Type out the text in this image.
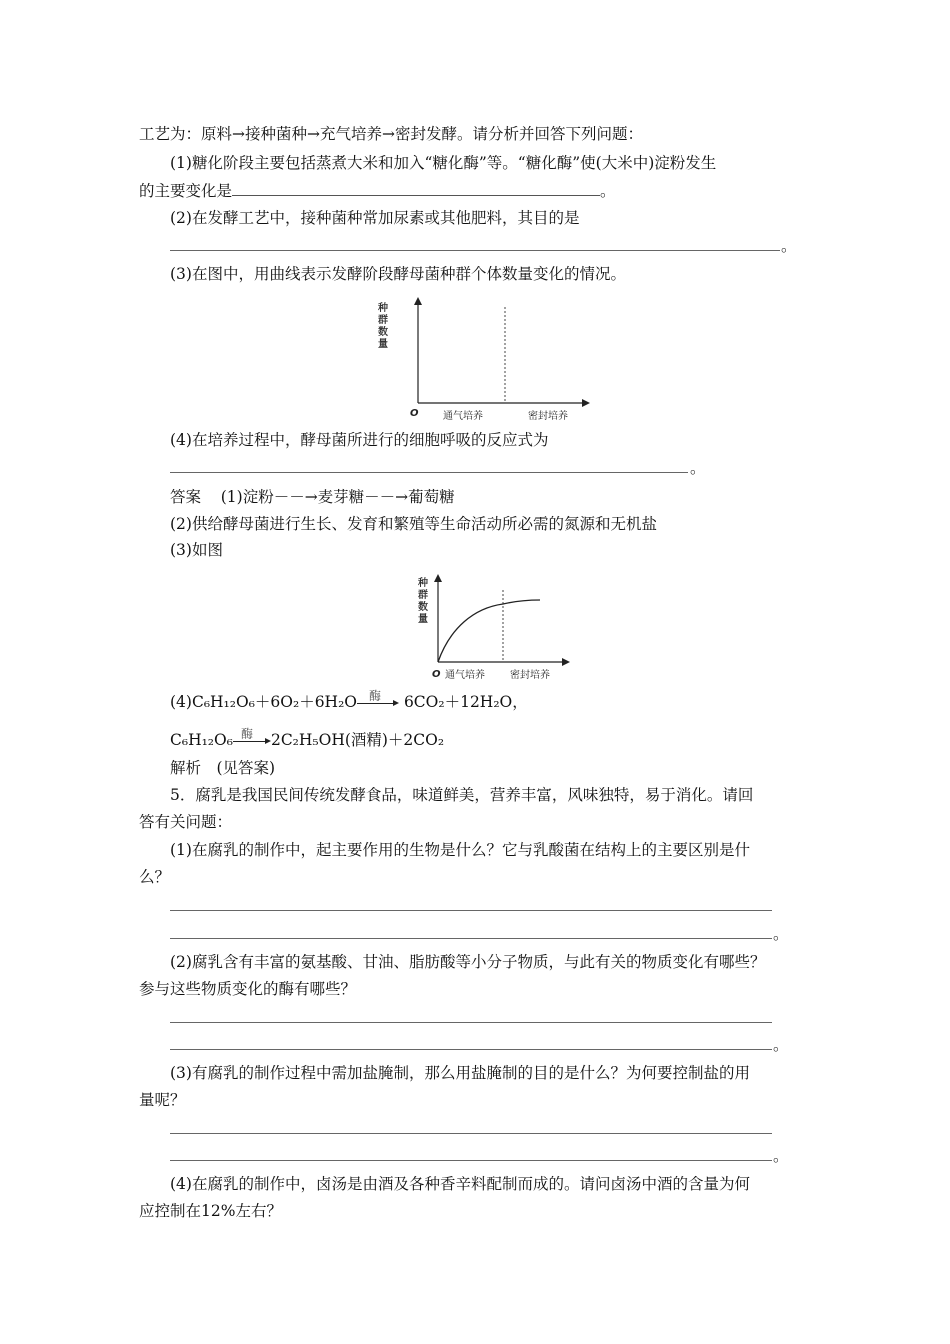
工艺为：原料→接种菌种→充气培养→密封发酵。请分析并回答下列问题：
(1)糖化阶段主要包括蒸煮大米和加入“糖化酶”等。“糖化酶”使(大米中)淀粉发生
的主要变化是	。
(2)在发酵工艺中，接种菌种常加尿素或其他肥料，其目的是
。
(3)在图中，用曲线表示发酵阶段酵母菌种群个体数量变化的情况。
种
群
数
量
O 通气培养	密封培养
(4)在培养过程中，酵母菌所进行的细胞呼吸的反应式为
。
答案 (1)淀粉－－→麦芽糖－－→葡萄糖
(2)供给酵母菌进行生长、发育和繁殖等生命活动所必需的氮源和无机盐
(3)如图
种
群
数
量
O 通气培养	密封培养
(4)C₆H₁₂O₆＋6O₂＋6H₂O 酶 6CO₂＋12H₂O，
C₆H₁₂O₆ 酶 2C₂H₅OH(酒精)＋2CO₂
解析　(见答案)
5．腐乳是我国民间传统发酵食品，味道鲜美，营养丰富，风味独特，易于消化。请回
答有关问题：
(1)在腐乳的制作中，起主要作用的生物是什么？它与乳酸菌在结构上的主要区别是什
么？
。
(2)腐乳含有丰富的氨基酸、甘油、脂肪酸等小分子物质，与此有关的物质变化有哪些？
参与这些物质变化的酶有哪些？
。
(3)有腐乳的制作过程中需加盐腌制，那么用盐腌制的目的是什么？为何要控制盐的用
量呢？
。
(4)在腐乳的制作中，卤汤是由酒及各种香辛料配制而成的。请问卤汤中酒的含量为何
应控制在12%左右？
